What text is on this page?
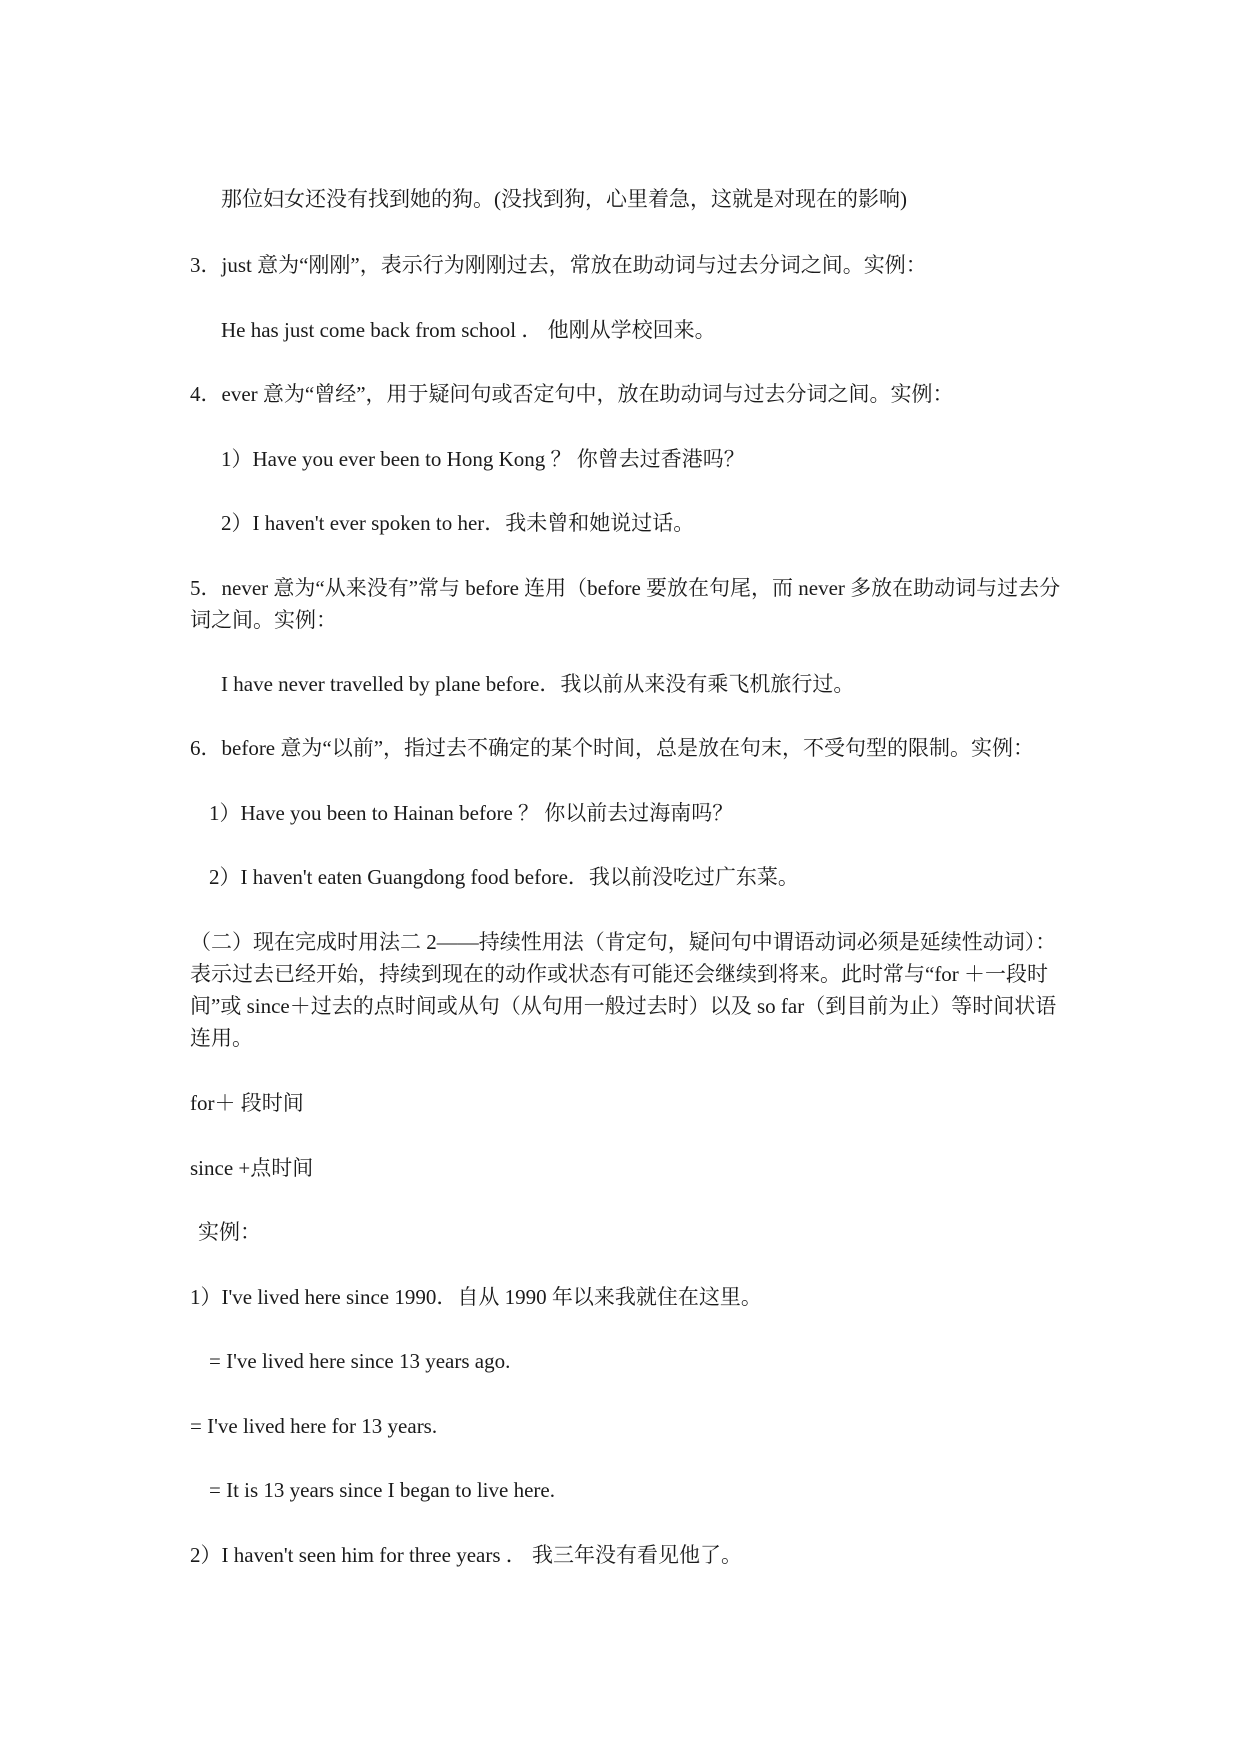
那位妇女还没有找到她的狗。(没找到狗，心里着急，这就是对现在的影响)
3．just 意为“刚刚”，表示行为刚刚过去，常放在助动词与过去分词之间。实例：
He has just come back from school ． 他刚从学校回来。
4．ever 意为“曾经”，用于疑问句或否定句中，放在助动词与过去分词之间。实例：
1）Have you ever been to Hong Kong ？ 你曾去过香港吗？
2）I haven't ever spoken to her．我未曾和她说过话。
5．never 意为“从来没有”常与 before 连用（before 要放在句尾，而 never 多放在助动词与过去分词之间。实例：
I have never travelled by plane before．我以前从来没有乘飞机旅行过。
6．before 意为“以前”，指过去不确定的某个时间，总是放在句末，不受句型的限制。实例：
1）Have you been to Hainan before ？ 你以前去过海南吗？
2）I haven't eaten Guangdong food before．我以前没吃过广东菜。
（二）现在完成时用法二 2——持续性用法（肯定句，疑问句中谓语动词必须是延续性动词）：表示过去已经开始，持续到现在的动作或状态有可能还会继续到将来。此时常与“for ＋一段时间”或 since＋过去的点时间或从句（从句用一般过去时）以及 so far（到目前为止）等时间状语连用。
for＋ 段时间
since +点时间
实例：
1）I've lived here since 1990．自从 1990 年以来我就住在这里。
= I've lived here since 13 years ago.
= I've lived here for 13 years.
= It is 13 years since I began to live here.
2）I haven't seen him for three years ． 我三年没有看见他了。
